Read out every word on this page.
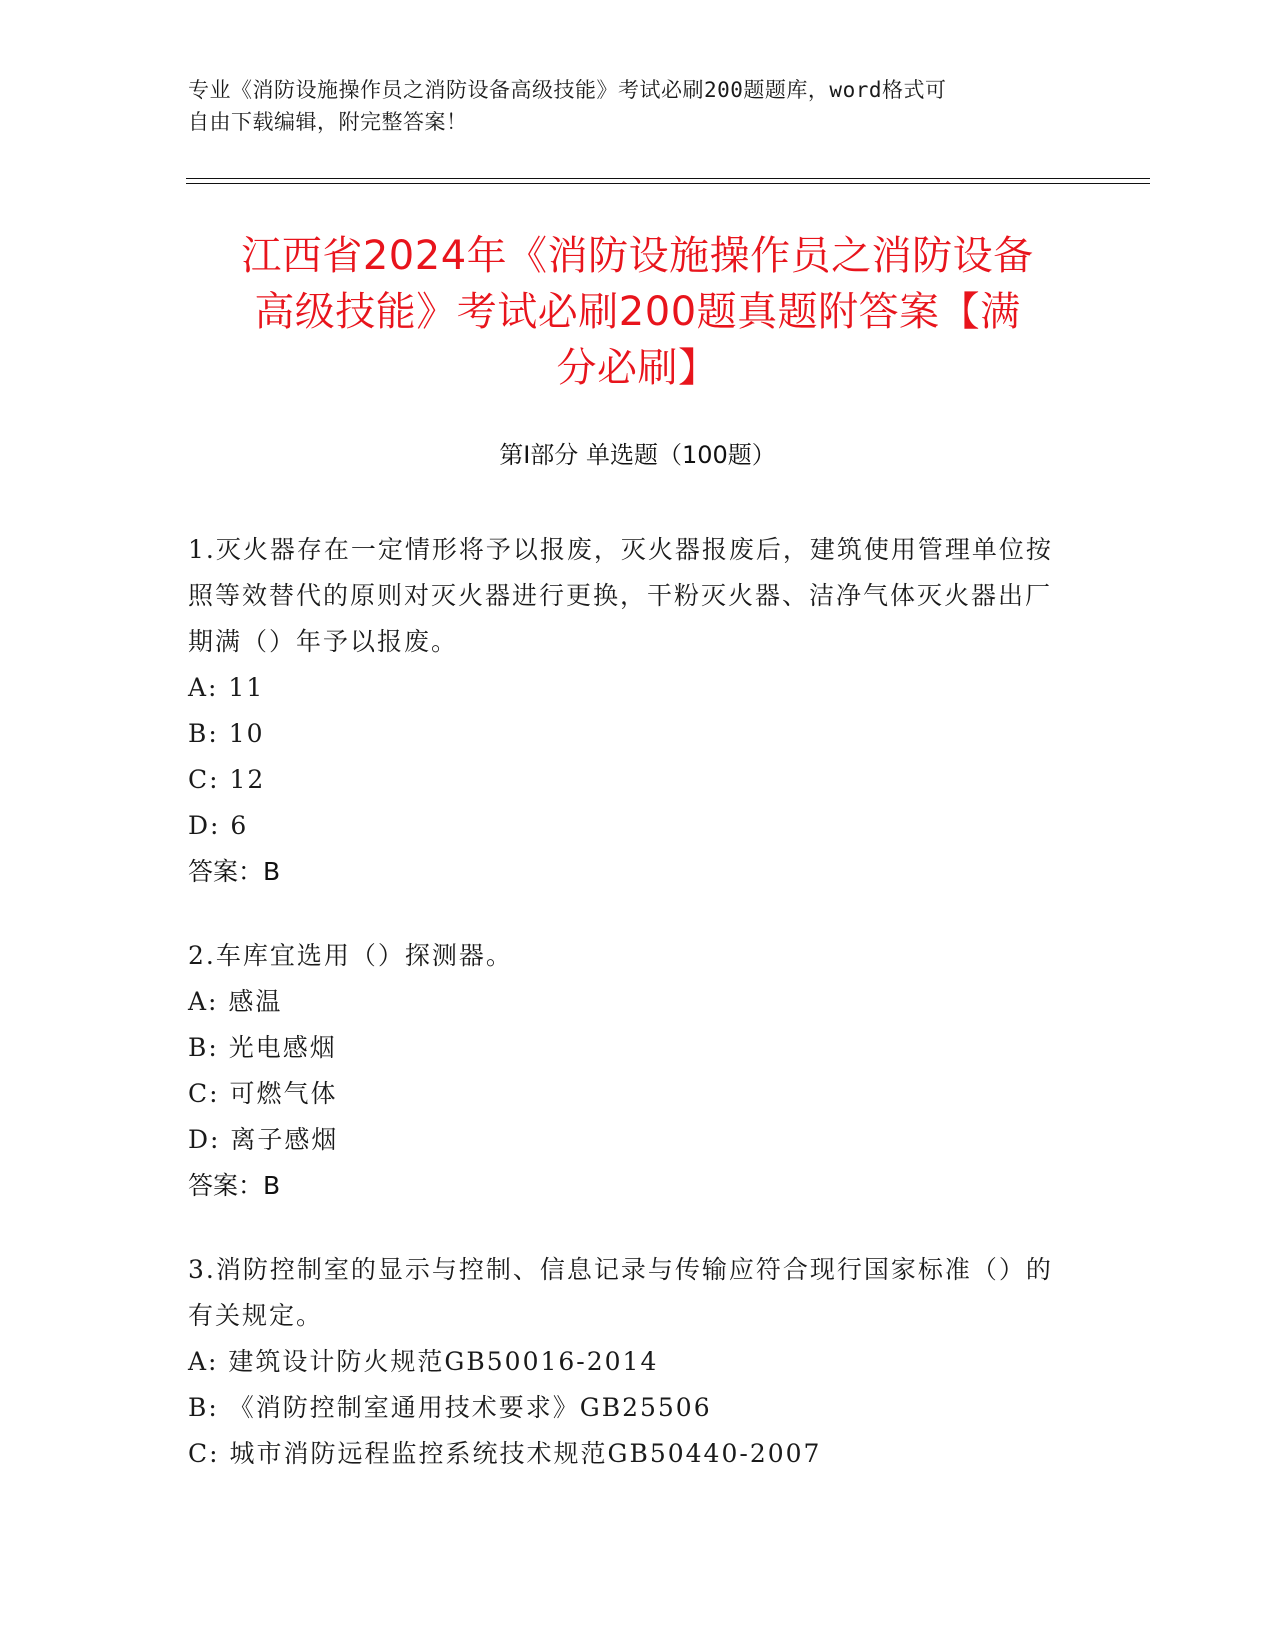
专业《消防设施操作员之消防设备高级技能》考试必刷200题题库，word格式可
自由下载编辑，附完整答案！
江西省2024年《消防设施操作员之消防设备
高级技能》考试必刷200题真题附答案【满
分必刷】
第I部分 单选题（100题）
1.灭火器存在一定情形将予以报废，灭火器报废后，建筑使用管理单位按照等效替代的原则对灭火器进行更换，干粉灭火器、洁净气体灭火器出厂期满（）年予以报废。
A: 11
B: 10
C: 12
D: 6
答案：B
2.车库宜选用（）探测器。
A: 感温
B: 光电感烟
C: 可燃气体
D: 离子感烟
答案：B
3.消防控制室的显示与控制、信息记录与传输应符合现行国家标准（）的有关规定。
A: 建筑设计防火规范GB50016-2014
B: 《消防控制室通用技术要求》GB25506
C: 城市消防远程监控系统技术规范GB50440-2007
